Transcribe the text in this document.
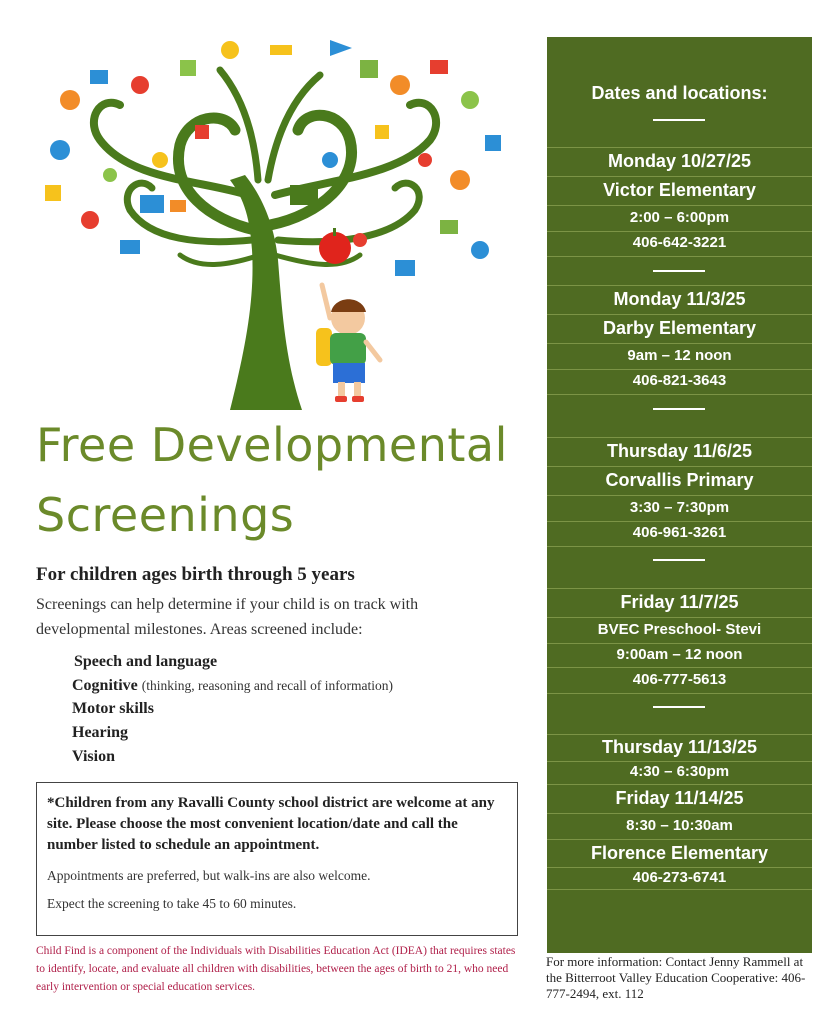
Free Developmental
Screenings
For children ages birth through 5 years
Screenings can help determine if your child is on track with developmental milestones. Areas screened include:
Speech and language
Cognitive (thinking, reasoning and recall of information)
Motor skills
Hearing
Vision
*Children from any Ravalli County school district are welcome at any site. Please choose the most convenient location/date and call the number listed to schedule an appointment.
Appointments are preferred, but walk-ins are also welcome.
Expect the screening to take 45 to 60 minutes.
Child Find is a component of the Individuals with Disabilities Education Act (IDEA) that requires states to identify, locate, and evaluate all children with disabilities, between the ages of birth to 21, who need early intervention or special education services.
Dates and locations:
Monday 10/27/25
Victor Elementary
2:00 – 6:00pm
406-642-3221
Monday 11/3/25
Darby Elementary
9am – 12 noon
406-821-3643
Thursday 11/6/25
Corvallis Primary
3:30 – 7:30pm
406-961-3261
Friday 11/7/25
BVEC Preschool- Stevi
9:00am – 12 noon
406-777-5613
Thursday 11/13/25
4:30 – 6:30pm
Friday 11/14/25
8:30 – 10:30am
Florence Elementary
406-273-6741
For more information: Contact Jenny Rammell at the Bitterroot Valley Education Cooperative: 406-777-2494, ext. 112
